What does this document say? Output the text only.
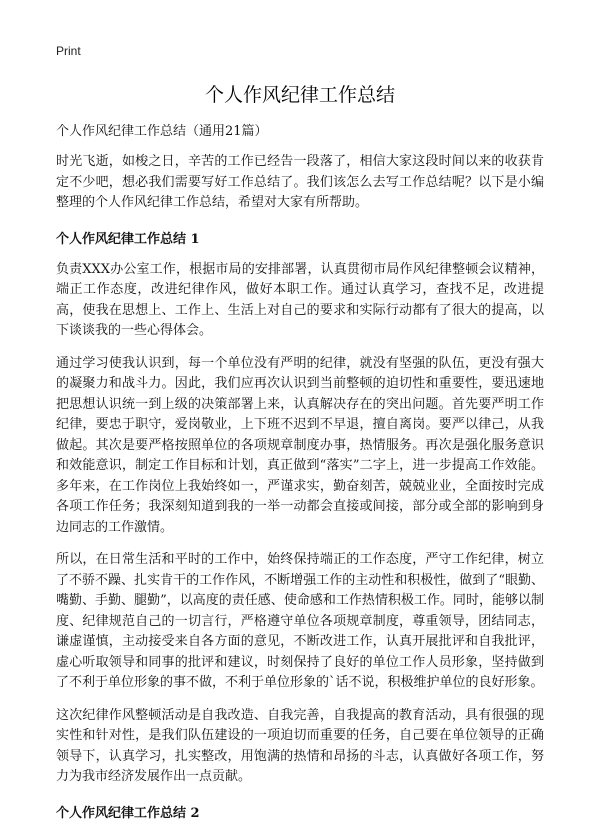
Print
个人作风纪律工作总结

个人作风纪律工作总结（通用21篇）

时光飞逝，如梭之日，辛苦的工作已经告一段落了，相信大家这段时间以来的收获肯定不少吧，想必我们需要写好工作总结了。我们该怎么去写工作总结呢？以下是小编整理的个人作风纪律工作总结，希望对大家有所帮助。

个人作风纪律工作总结 1

负责XXX办公室工作，根据市局的安排部署，认真贯彻市局作风纪律整顿会议精神，端正工作态度，改进纪律作风，做好本职工作。通过认真学习，查找不足，改进提高，使我在思想上、工作上、生活上对自己的要求和实际行动都有了很大的提高，以下谈谈我的一些心得体会。

通过学习使我认识到，每一个单位没有严明的纪律，就没有坚强的队伍，更没有强大的凝聚力和战斗力。因此，我们应再次认识到当前整顿的迫切性和重要性，要迅速地把思想认识统一到上级的决策部署上来，认真解决存在的突出问题。首先要严明工作纪律，要忠于职守，爱岗敬业，上下班不迟到不早退，擅自离岗。要严以律己，从我做起。其次是要严格按照单位的各项规章制度办事，热情服务。再次是强化服务意识和效能意识，制定工作目标和计划，真正做到“落实”二字上，进一步提高工作效能。多年来，在工作岗位上我始终如一，严谨求实，勤奋刻苦，兢兢业业，全面按时完成各项工作任务；我深刻知道到我的一举一动都会直接或间接，部分或全部的影响到身边同志的工作激情。

所以，在日常生活和平时的工作中，始终保持端正的工作态度，严守工作纪律，树立了不骄不躁、扎实肯干的工作作风，不断增强工作的主动性和积极性，做到了“眼勤、嘴勤、手勤、腿勤”，以高度的责任感、使命感和工作热情积极工作。同时，能够以制度、纪律规范自己的一切言行，严格遵守单位各项规章制度，尊重领导，团结同志，谦虚谨慎，主动接受来自各方面的意见，不断改进工作，认真开展批评和自我批评，虚心听取领导和同事的批评和建议，时刻保持了良好的单位工作人员形象，坚持做到了不利于单位形象的事不做，不利于单位形象的`话不说，积极维护单位的良好形象。

这次纪律作风整顿活动是自我改造、自我完善，自我提高的教育活动，具有很强的现实性和针对性，是我们队伍建设的一项迫切而重要的任务，自己要在单位领导的正确领导下，认真学习，扎实整改，用饱满的热情和昂扬的斗志，认真做好各项工作，努力为我市经济发展作出一点贡献。

个人作风纪律工作总结 2
